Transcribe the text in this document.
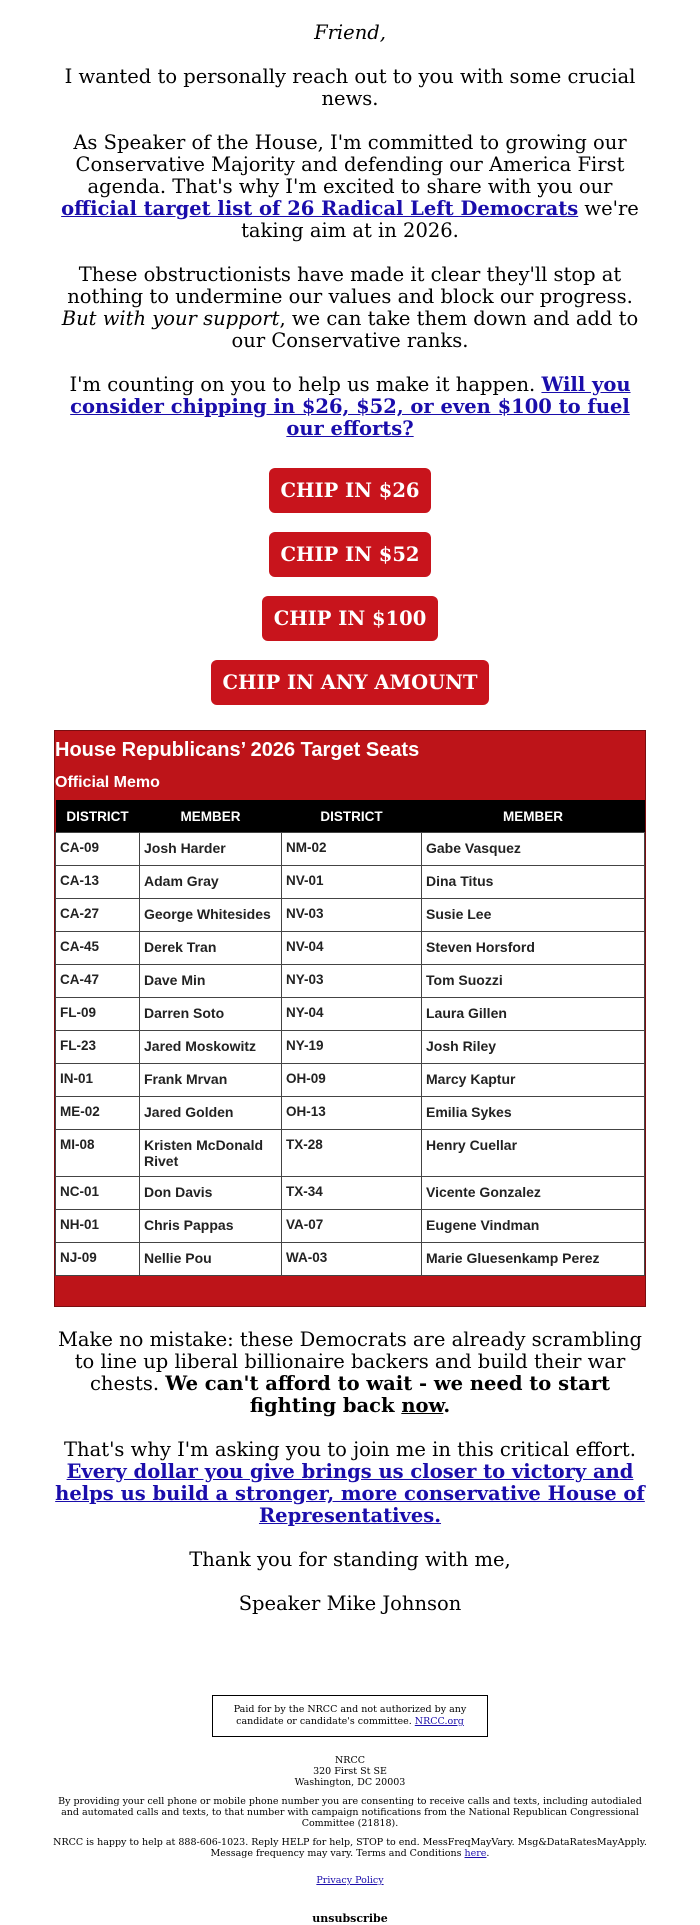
Friend,

I wanted to personally reach out to you with some crucial news.

As Speaker of the House, I'm committed to growing our Conservative Majority and defending our America First agenda. That's why I'm excited to share with you our official target list of 26 Radical Left Democrats we're taking aim at in 2026.

These obstructionists have made it clear they'll stop at nothing to undermine our values and block our progress. But with your support, we can take them down and add to our Conservative ranks.

I'm counting on you to help us make it happen. Will you consider chipping in $26, $52, or even $100 to fuel our efforts?

CHIP IN $26
CHIP IN $52
CHIP IN $100
CHIP IN ANY AMOUNT
House Republicans’ 2026 Target Seats
Official Memo
DISTRICT	MEMBER	DISTRICT	MEMBER
CA-09	Josh Harder	NM-02	Gabe Vasquez
CA-13	Adam Gray	NV-01	Dina Titus
CA-27	George Whitesides	NV-03	Susie Lee
CA-45	Derek Tran	NV-04	Steven Horsford
CA-47	Dave Min	NY-03	Tom Suozzi
FL-09	Darren Soto	NY-04	Laura Gillen
FL-23	Jared Moskowitz	NY-19	Josh Riley
IN-01	Frank Mrvan	OH-09	Marcy Kaptur
ME-02	Jared Golden	OH-13	Emilia Sykes
MI-08	Kristen McDonald Rivet	TX-28	Henry Cuellar
NC-01	Don Davis	TX-34	Vicente Gonzalez
NH-01	Chris Pappas	VA-07	Eugene Vindman
NJ-09	Nellie Pou	WA-03	Marie Gluesenkamp Perez

Make no mistake: these Democrats are already scrambling to line up liberal billionaire backers and build their war chests. We can't afford to wait - we need to start fighting back now.

That's why I'm asking you to join me in this critical effort. Every dollar you give brings us closer to victory and helps us build a stronger, more conservative House of Representatives.

Thank you for standing with me,

Speaker Mike Johnson

Paid for by the NRCC and not authorized by any candidate or candidate's committee. NRCC.org
NRCC
320 First St SE
Washington, DC 20003
By providing your cell phone or mobile phone number you are consenting to receive calls and texts, including autodialed and automated calls and texts, to that number with campaign notifications from the National Republican Congressional Committee (21818).
NRCC is happy to help at 888-606-1023. Reply HELP for help, STOP to end. MessFreqMayVary. Msg&DataRatesMayApply. Message frequency may vary. Terms and Conditions here.
Privacy Policy
unsubscribe
